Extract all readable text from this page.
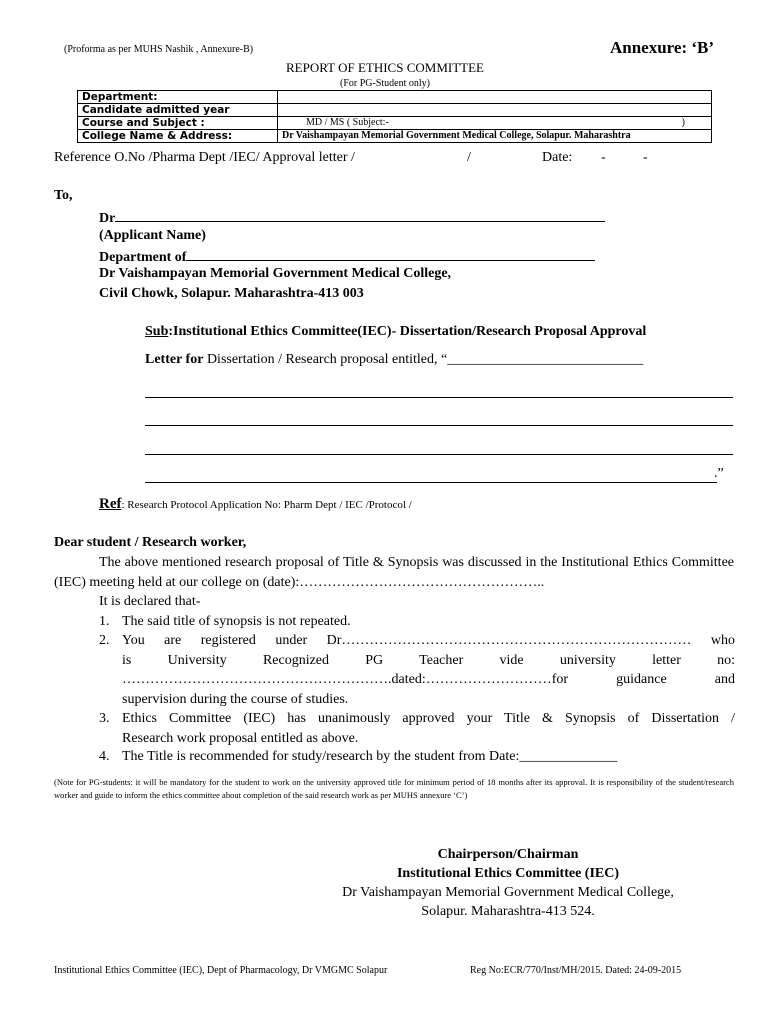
(Proforma as per MUHS Nashik , Annexure-B)	Annexure: ‘B’
REPORT OF ETHICS COMMITTEE
(For PG-Student only)
Department:	
Candidate admitted year	
Course and Subject :	MD / MS ( Subject:- )

College Name & Address:	Dr Vaishampayan Memorial Government Medical College, Solapur. Maharashtra
Reference O.No /Pharma Dept /IEC/ Approval letter /	/	Date: -	-
To,
Dr
(Applicant Name)
Department of
Dr Vaishampayan Memorial Government Medical College,
Civil Chowk, Solapur. Maharashtra-413 003
Sub:Institutional Ethics Committee(IEC)- Dissertation/Research Proposal Approval
Letter for Dissertation / Research proposal entitled, “____________________________
.”
Ref: Research Protocol Application No: Pharm Dept / IEC /Protocol /
Dear student / Research worker,
The above mentioned research proposal of Title & Synopsis was discussed in the Institutional Ethics Committee (IEC) meeting held at our college on (date):……………………………………………..
It is declared that-
1. The said title of synopsis is not repeated.
2. You are registered under Dr………………………………………………………………… who
is University Recognized PG Teacher vide university letter no:
………………………………………………….dated:………………………for guidance and
supervision during the course of studies.
3. Ethics Committee (IEC) has unanimously approved your Title & Synopsis of Dissertation /
Research work proposal entitled as above.
4. The Title is recommended for study/research by the student from Date:______________
(Note for PG-students: it will be mandatory for the student to work on the university approved title for minimum period of 18 months after its approval. It is responsibility of the student/research worker and guide to inform the ethics committee about completion of the said research work as per MUHS annexure ‘C’)
Chairperson/Chairman
Institutional Ethics Committee (IEC)
Dr Vaishampayan Memorial Government Medical College,
Solapur. Maharashtra-413 524.
Institutional Ethics Committee (IEC), Dept of Pharmacology, Dr VMGMC Solapur	Reg No:ECR/770/Inst/MH/2015. Dated: 24-09-2015
